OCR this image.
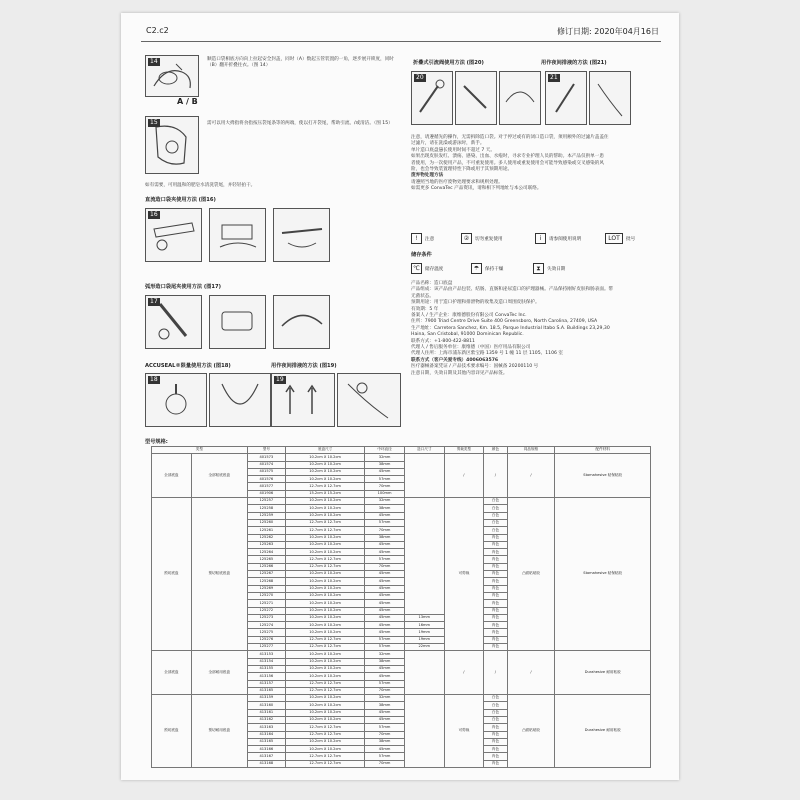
C2.c2	修订日期: 2020年04月16日
14
A / B
顺造口袋相底方向向上拉起安全封盖，同时（A）数起玉管装置的一角，逐步展开锁度，同时（B）翻开折叠往衣。（图 14）
15	需可以用大拇指将食指按压袋尾条等的两端，使以打开袋尾，帮助引流、/或清洁。（图 15）
如有需要，可用温和的肥皂水清洗袋尾，并轻轻拍干。
直流造口袋夹使用方法 (图16)
16
弧形造口袋尾夹使用方法 (图17)
17
ACCUSEAL®限量使用方法 (图18)	用作夜间排液的方法 (图19)
18	19
折叠式引流阀使用方法 (图20)	用作夜间排液的方法 (图21)
20	21
注意，请遵循先的操作，无需拆除造口袋。对于停过或有的闭口造口袋，须用额外的过滤片盖盖住
过滤片，请在洗澡或游泳时，新手。
单片造口底盘悬长使用时间不超过 7 天。
如果出现皮肤发红、溃疡、感染、出血、水疱时，寻求专业护理人员的帮助。本产品仅供单一患
者使用，为一次使用产品，不可重复使用。多人使用或重复使用会可能导致感染或交叉感染的风
险，也会导致装置理特性下降或用于其预期用途。
废弃物处理方法
请遵照当地的医疗废物处理要求和规则处理。
如需更多 ConvaTec 产品资讯，请和相下列地址与本公司联络。
!	注意	②	切勿重复使用	i	请参阅使用说明	LOT	批号
储存条件
℃	储存温度	☂	保持干燥	⧗	失效日期
产品名称：造口底盘
产品组成：该产品由产品包装、结肠、直肠和泌尿造口的护理器械。产品保持刚好皮肤和肠表面。带
无菌状态。
预期用途：用于造口护理和排泄物的收集及造口周围皮肤保护。
有效期：5 年
备案人 / 生产企业：康维德股份有限公司 ConvaTec Inc.
住所：7900 Triad Centre Drive Suite 400 Greensboro, North Carolina, 27409, USA
生产地址：Carretera Sanchez, Km. 18.5, Parque Industrial Itabo S.A. Buildings 23,29,30
Haina, San Cristobal, 91000 Dominican Republic.
联系方式：+1-800-422-8811
代理人 / 售后服务单位：康维德（中国）医疗用品有限公司
代理人住所：上海市浦东新区紫宝路 1359 号 1 幢 11 层 1105、1106 室
联系方式（客户关爱专线）4006063576
医疗器械备案凭证 / 产品技术要求编号：国械备 20200110 号
注意日期，失效日期及其他内容详见产品标签。
型号规格:
类型		型号	底盘尺寸	中环直径	造口尺寸	剪裁类型	颜色	同品规格	配件材料
全部底盘	全部粘底底盘	401573	10.2cm X 10.2cm	32mm		/	/	/	Stomahesive 粘保粘胶
		401574	10.2cm X 10.2cm	38mm					
		401575	10.2cm X 10.2cm	45mm					
		401576	10.2cm X 10.2cm	57mm					
		401577	12.7cm X 12.7cm	70mm					
		401906	15.2cm X 15.2cm	100mm					
预切底盘	预切粘底底盘	125257	10.2cm X 10.2cm	32mm		可剪裁	白色	凸面粘贴胶	Stomahesive 粘保粘胶
		125258	10.2cm X 10.2cm	38mm			白色		
		125259	10.2cm X 10.2cm	45mm			白色		
		125260	12.7cm X 12.7cm	57mm			白色		
		125261	12.7cm X 12.7cm	70mm			白色		
		125262	10.2cm X 10.2cm	38mm			肉色		
		125263	10.2cm X 10.2cm	45mm			肉色		
		125264	10.2cm X 10.2cm	45mm			肉色		
		125265	12.7cm X 12.7cm	57mm			肉色		
		125266	12.7cm X 12.7cm	70mm			肉色		
		125267	10.2cm X 10.2cm	45mm			肉色		
		125268	10.2cm X 10.2cm	45mm			肉色		
		125269	10.2cm X 10.2cm	45mm			肉色		
		125270	10.2cm X 10.2cm	45mm			肉色		
		125271	10.2cm X 10.2cm	45mm			肉色		
		125272	10.2cm X 10.2cm	45mm			肉色		
		125273	10.2cm X 10.2cm	45mm	13mm		肉色		
		125274	10.2cm X 10.2cm	45mm	16mm		肉色		
		125275	10.2cm X 10.2cm	45mm	19mm		肉色		
		125276	12.7cm X 12.7cm	57mm	19mm		肉色		
		125277	12.7cm X 12.7cm	57mm	22mm		肉色		
全部底盘	全部耐用底盘	413153	10.2cm X 10.2cm	32mm		/	/	/	Durahesive 耐用粘胶
		413154	10.2cm X 10.2cm	38mm					
		413155	10.2cm X 10.2cm	45mm					
		413156	10.2cm X 10.2cm	45mm					
		413157	12.7cm X 12.7cm	57mm					
		413165	12.7cm X 12.7cm	70mm					
预切底盘	预切耐用底盘	413159	10.2cm X 10.2cm	32mm		可剪裁	白色	凸面粘贴胶	Durahesive 耐用粘胶
		413160	10.2cm X 10.2cm	38mm			白色		
		413161	10.2cm X 10.2cm	45mm			白色		
		413162	10.2cm X 10.2cm	45mm			白色		
		413163	12.7cm X 12.7cm	57mm			肉色		
		413164	12.7cm X 12.7cm	70mm			肉色		
		413165	10.2cm X 10.2cm	38mm			肉色		
		413166	10.2cm X 10.2cm	45mm			肉色		
		413167	12.7cm X 12.7cm	57mm			肉色		
		413168	12.7cm X 12.7cm	70mm			肉色		
